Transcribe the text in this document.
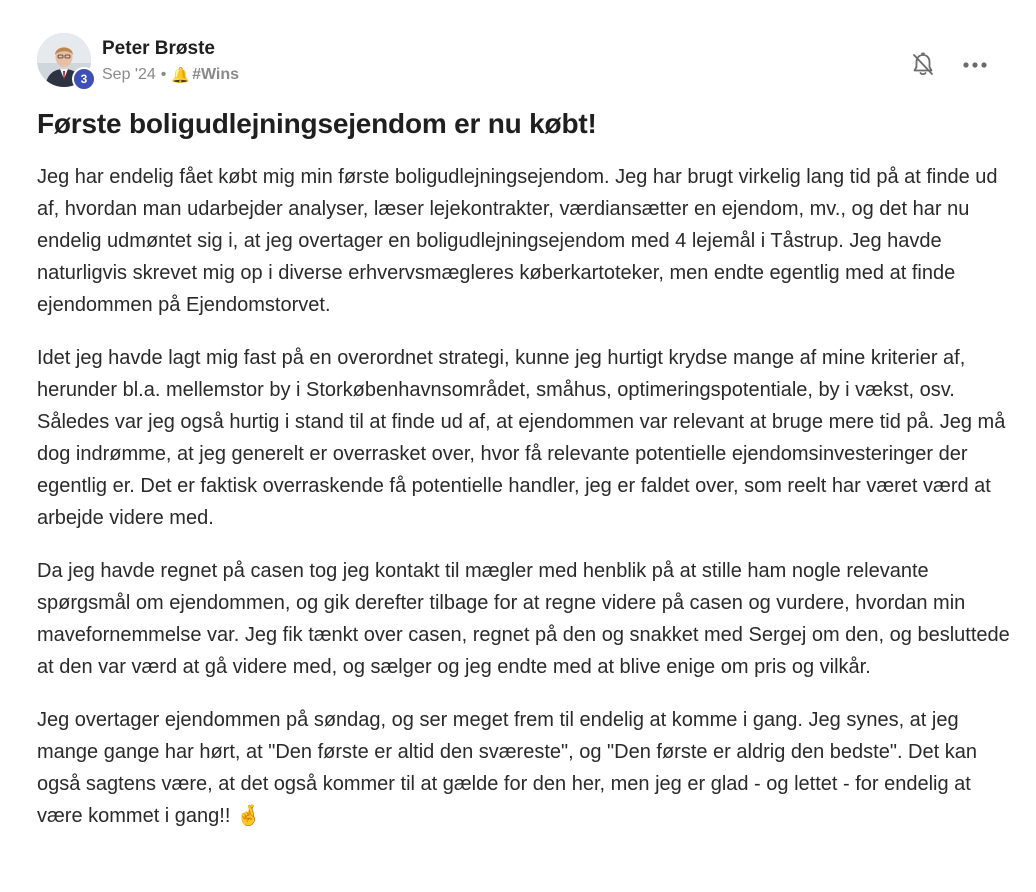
3
Peter Brøste
Sep '24 • 🔔 #Wins
Første boligudlejningsejendom er nu købt!

Jeg har endelig fået købt mig min første boligudlejningsejendom. Jeg har brugt virkelig lang tid på at finde ud af, hvordan man udarbejder analyser, læser lejekontrakter, værdiansætter en ejendom, mv., og det har nu endelig udmøntet sig i, at jeg overtager en boligudlejningsejendom med 4 lejemål i Tåstrup. Jeg havde naturligvis skrevet mig op i diverse erhvervsmægleres køberkartoteker, men endte egentlig med at finde ejendommen på Ejendomstorvet.

Idet jeg havde lagt mig fast på en overordnet strategi, kunne jeg hurtigt krydse mange af mine kriterier af, herunder bl.a. mellemstor by i Storkøbenhavnsområdet, småhus, optimeringspotentiale, by i vækst, osv. Således var jeg også hurtig i stand til at finde ud af, at ejendommen var relevant at bruge mere tid på. Jeg må dog indrømme, at jeg generelt er overrasket over, hvor få relevante potentielle ejendomsinvesteringer der egentlig er. Det er faktisk overraskende få potentielle handler, jeg er faldet over, som reelt har været værd at arbejde videre med.

Da jeg havde regnet på casen tog jeg kontakt til mægler med henblik på at stille ham nogle relevante spørgsmål om ejendommen, og gik derefter tilbage for at regne videre på casen og vurdere, hvordan min mavefornemmelse var. Jeg fik tænkt over casen, regnet på den og snakket med Sergej om den, og besluttede at den var værd at gå videre med, og sælger og jeg endte med at blive enige om pris og vilkår.

Jeg overtager ejendommen på søndag, og ser meget frem til endelig at komme i gang. Jeg synes, at jeg mange gange har hørt, at "Den første er altid den sværeste", og "Den første er aldrig den bedste". Det kan også sagtens være, at det også kommer til at gælde for den her, men jeg er glad - og lettet - for endelig at være kommet i gang!! 🤞
